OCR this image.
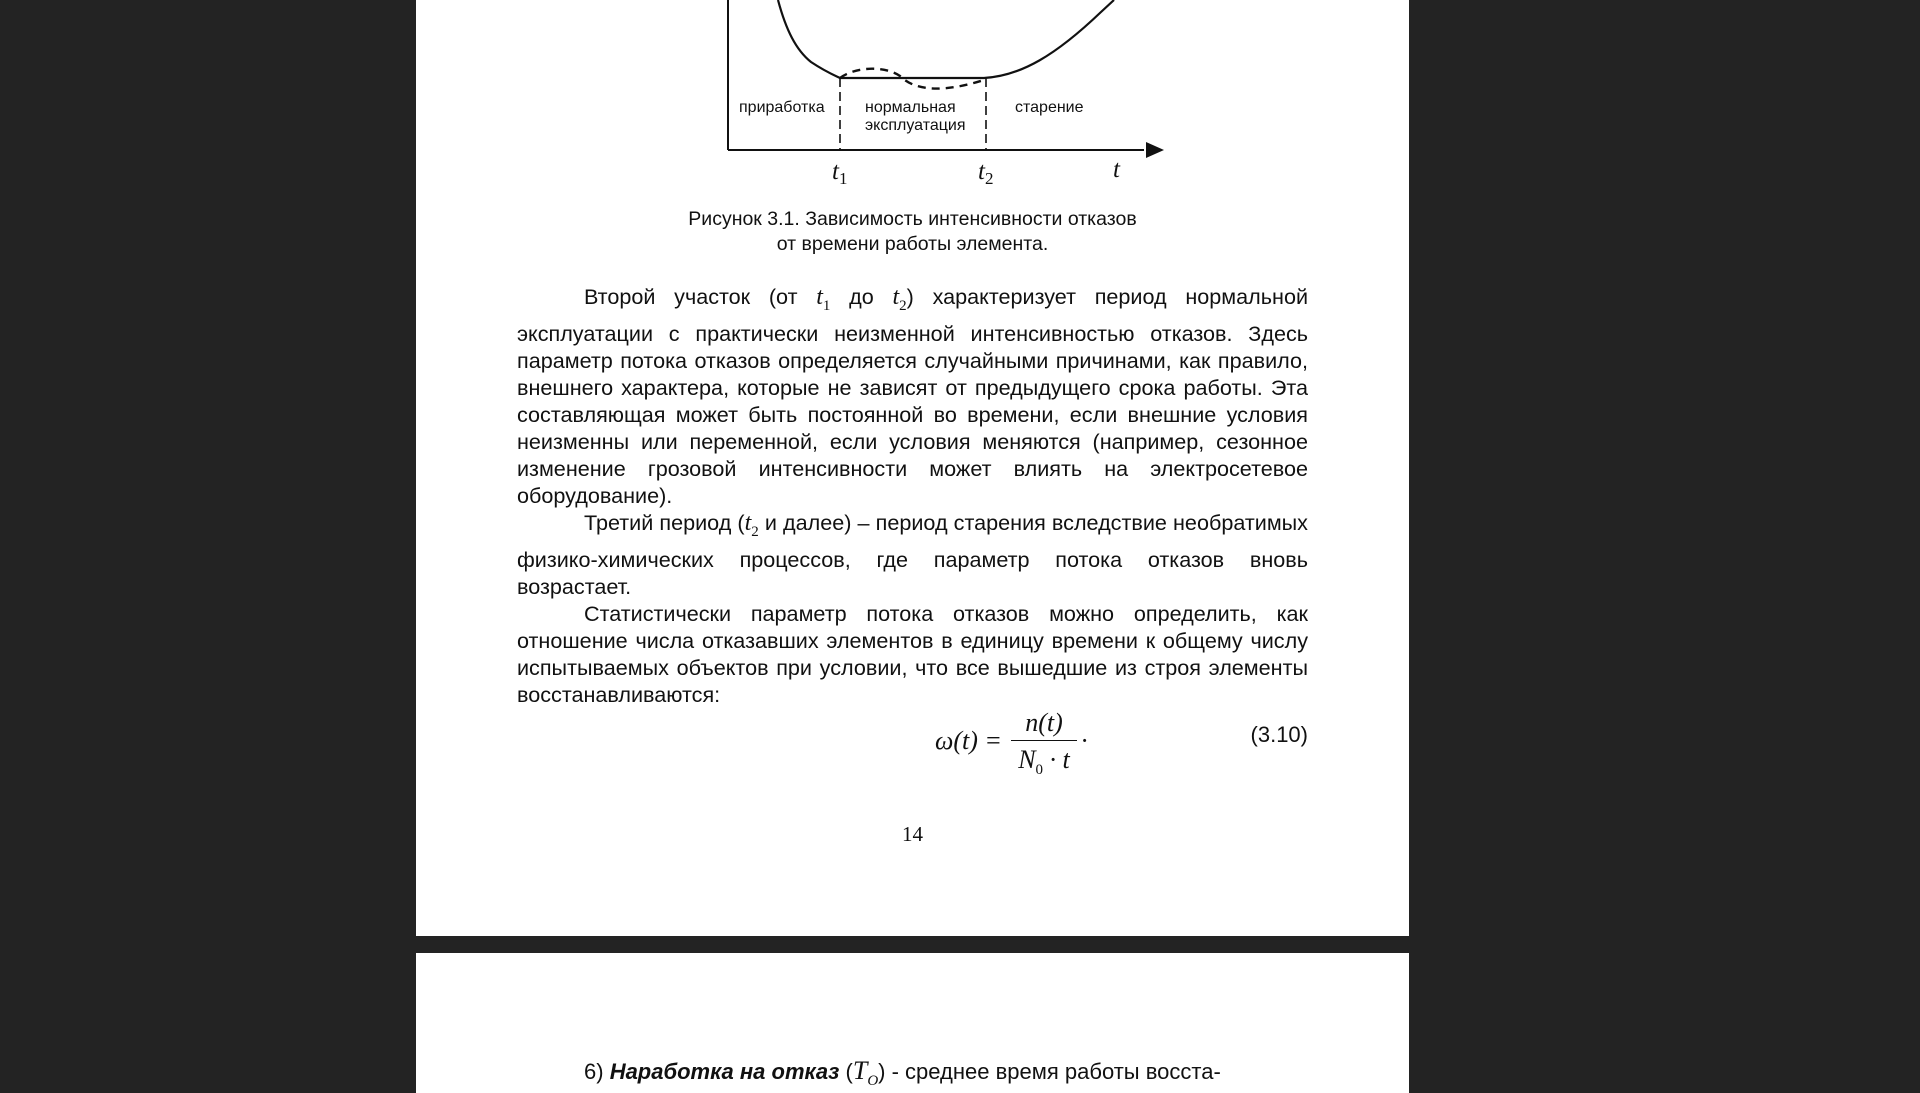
приработка	нормальная
эксплуатация
старение
$t_1$	$t_2$	t
Рисунок 3.1. Зависимость интенсивности отказов
от времени работы элемента.

Второй участок (от $t_1$ до $t_2$) характеризует период нормальной эксплуатации с практически неизменной интенсивностью отказов. Здесь параметр потока отказов определяется случайными причинами, как правило, внешнего характера, которые не зависят от предыдущего срока работы. Эта составляющая может быть постоянной во времени, если внешние условия неизменны или переменной, если условия меняются (например, сезонное изменение грозовой интенсивности может влиять на электросетевое оборудование).

Третий период ($t_2$ и далее) – период старения вследствие необратимых физико-химических процессов, где параметр потока отказов вновь возрастает.

Статистически параметр потока отказов можно определить, как отношение числа отказавших элементов в единицу времени к общему числу испытываемых объектов при условии, что все вышедшие из строя элементы восстанавливаются:

ω(t) =
n(t)
$N_0 \cdot t$
·	(3.10)
14
6) Наработка на отказ $(T_O)$ - среднее время работы восста-
